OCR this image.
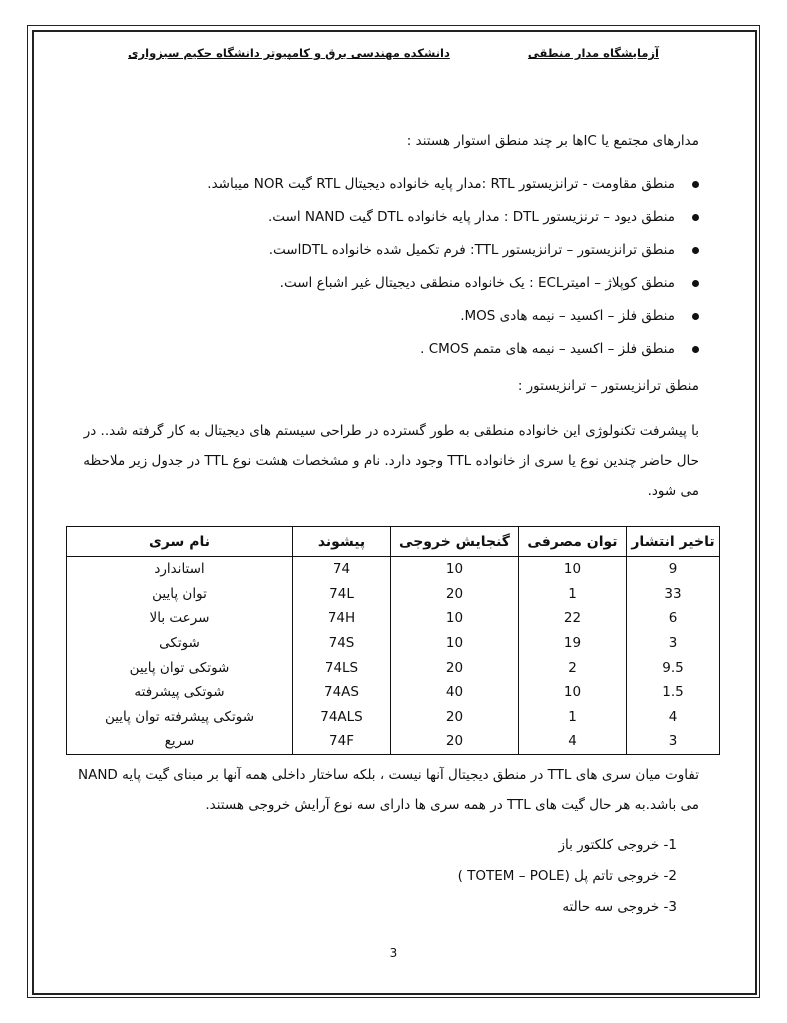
آزمایشگاه مدار منطقی
دانشکده مهندسی برق و کامپیوتر دانشگاه حکیم سبزواری
مدارهای مجتمع یا ICها بر چند منطق استوار هستند :
منطق مقاومت - ترانزیستور RTL :مدار پایه خانواده دیجیتال RTL گیت NOR میباشد.
منطق دیود – ترنزیستور DTL : مدار پایه خانواده DTL گیت NAND است.
منطق ترانزیستور – ترانزیستور TTL: فرم تکمیل شده خانواده DTLاست.
منطق کوپلاژ – امیترECL : یک خانواده منطقی دیجیتال غیر اشباع است.
منطق فلز – اکسید – نیمه هادی MOS.
منطق فلز – اکسید – نیمه های متمم CMOS .
منطق ترانزیستور – ترانزیستور :
با پیشرفت تکنولوژی این خانواده منطقی به طور گسترده در طراحی سیستم های دیجیتال به کار گرفته شد.. در حال حاضر چندین نوع یا سری از خانواده TTL وجود دارد. نام و مشخصات هشت نوع TTL در جدول زیر ملاحظه می شود.
تاخیر انتشار	توان مصرفی	گنجایش خروجی	پیشوند	نام سری
9	10	10	74	استاندارد
33	1	20	74L	توان پایین
6	22	10	74H	سرعت بالا
3	19	10	74S	شوتکی
9.5	2	20	74LS	شوتکی توان پایین
1.5	10	40	74AS	شوتکی پیشرفته
4	1	20	74ALS	شوتکی پیشرفته توان پایین
3	4	20	74F	سریع
تفاوت میان سری های TTL در منطق دیجیتال آنها نیست ، بلکه ساختار داخلی همه آنها بر مبنای گیت پایه NAND می باشد.به هر حال گیت های TTL در همه سری ها دارای سه نوع آرایش خروجی هستند.
1- خروجی کلکتور باز
2- خروجی تاتم پل (TOTEM – POLE )
3- خروجی سه حالته
3
